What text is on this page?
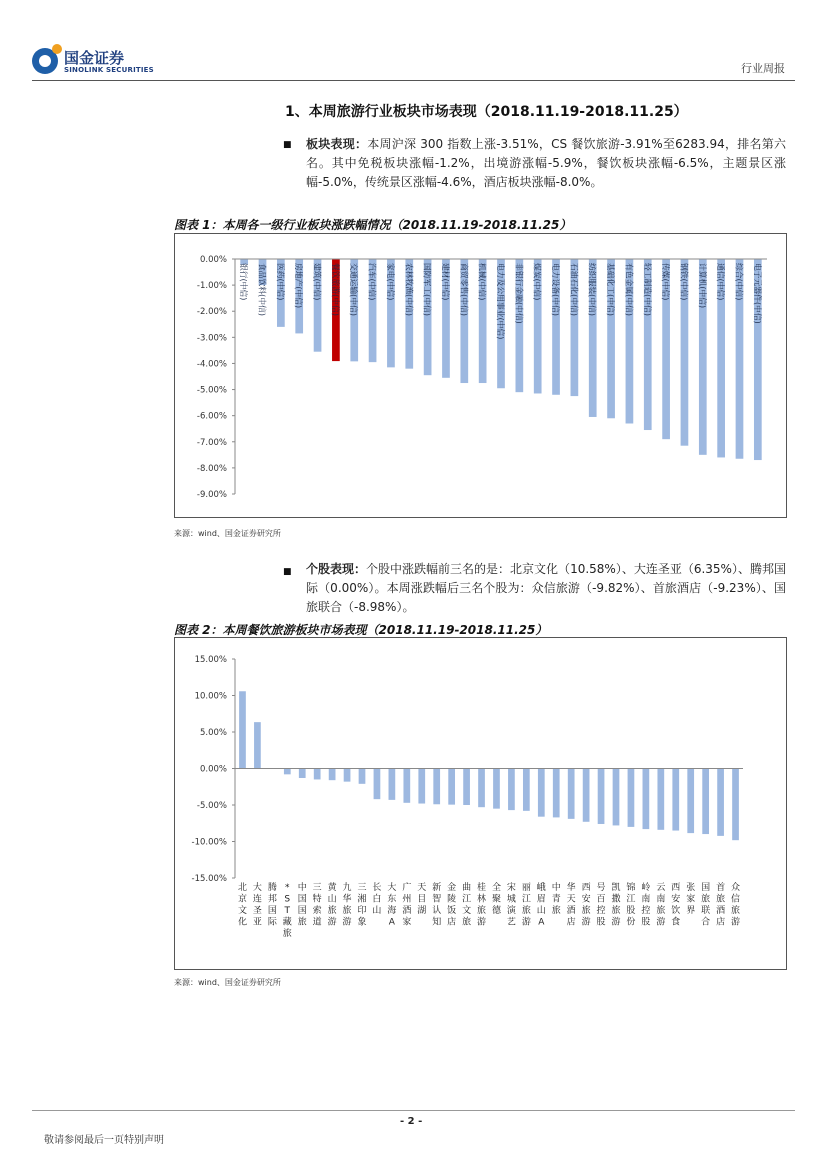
国金证券
SINOLINK SECURITIES	行业周报
1、本周旅游行业板块市场表现（2018.11.19-2018.11.25）
■ 板块表现：本周沪深 300 指数上涨-3.51%，CS 餐饮旅游-3.91%至6283.94，排名第六名。其中免税板块涨幅-1.2%，出境游涨幅-5.9%，餐饮板块涨幅-6.5%，主题景区涨幅-5.0%，传统景区涨幅-4.6%，酒店板块涨幅-8.0%。
图表 1：本周各一级行业板块涨跌幅情况（2018.11.19-2018.11.25）
0.00%
-1.00%
-2.00%
-3.00%
-4.00%
-5.00%
-6.00%
-7.00%
-8.00%
-9.00%
银行(中信) 食品饮料(中信) 医药(中信) 房地产(中信) 建筑(中信) 餐饮旅游(中信) 交通运输(中信) 汽车(中信) 家电(中信) 农林牧渔(中信) 国防军工(中信) 建材(中信) 商贸零售(中信) 机械(中信) 电力及公用事业(中信) 非银行金融(中信) 煤炭(中信) 电力设备(中信) 石油石化(中信) 纺织服装(中信) 基础化工(中信) 有色金属(中信) 轻工制造(中信) 传媒(中信) 钢铁(中信) 计算机(中信) 通信(中信) 综合(中信) 电子元器件(中信)
来源：wind、国金证券研究所
■ 个股表现：个股中涨跌幅前三名的是：北京文化（10.58%）、大连圣亚（6.35%）、腾邦国际（0.00%）。本周涨跌幅后三名个股为：众信旅游（-9.82%）、首旅酒店（-9.23%）、国旅联合（-8.98%）。
图表 2：本周餐饮旅游板块市场表现（2018.11.19-2018.11.25）
15.00%
10.00%
5.00%
0.00%
-5.00%
-10.00%
-15.00%
北京文化
大连圣亚
腾邦国际
* S T 藏旅
中国国旅
三特索道
黄山旅游
九华旅游
三湘印象
长白山
大东海 A
广州酒家
天目湖
新智认知
金陵饭店
曲江文旅
桂林旅游
全聚德
宋城演艺
丽江旅游
峨眉山 A
中青旅
华天酒店
西安旅游
号百控股
凯撒旅游
锦江股份
岭南控股
云南旅游
西安饮食
张家界
国旅联合
首旅酒店
众信旅游
来源：wind、国金证券研究所
- 2 -
敬请参阅最后一页特别声明
